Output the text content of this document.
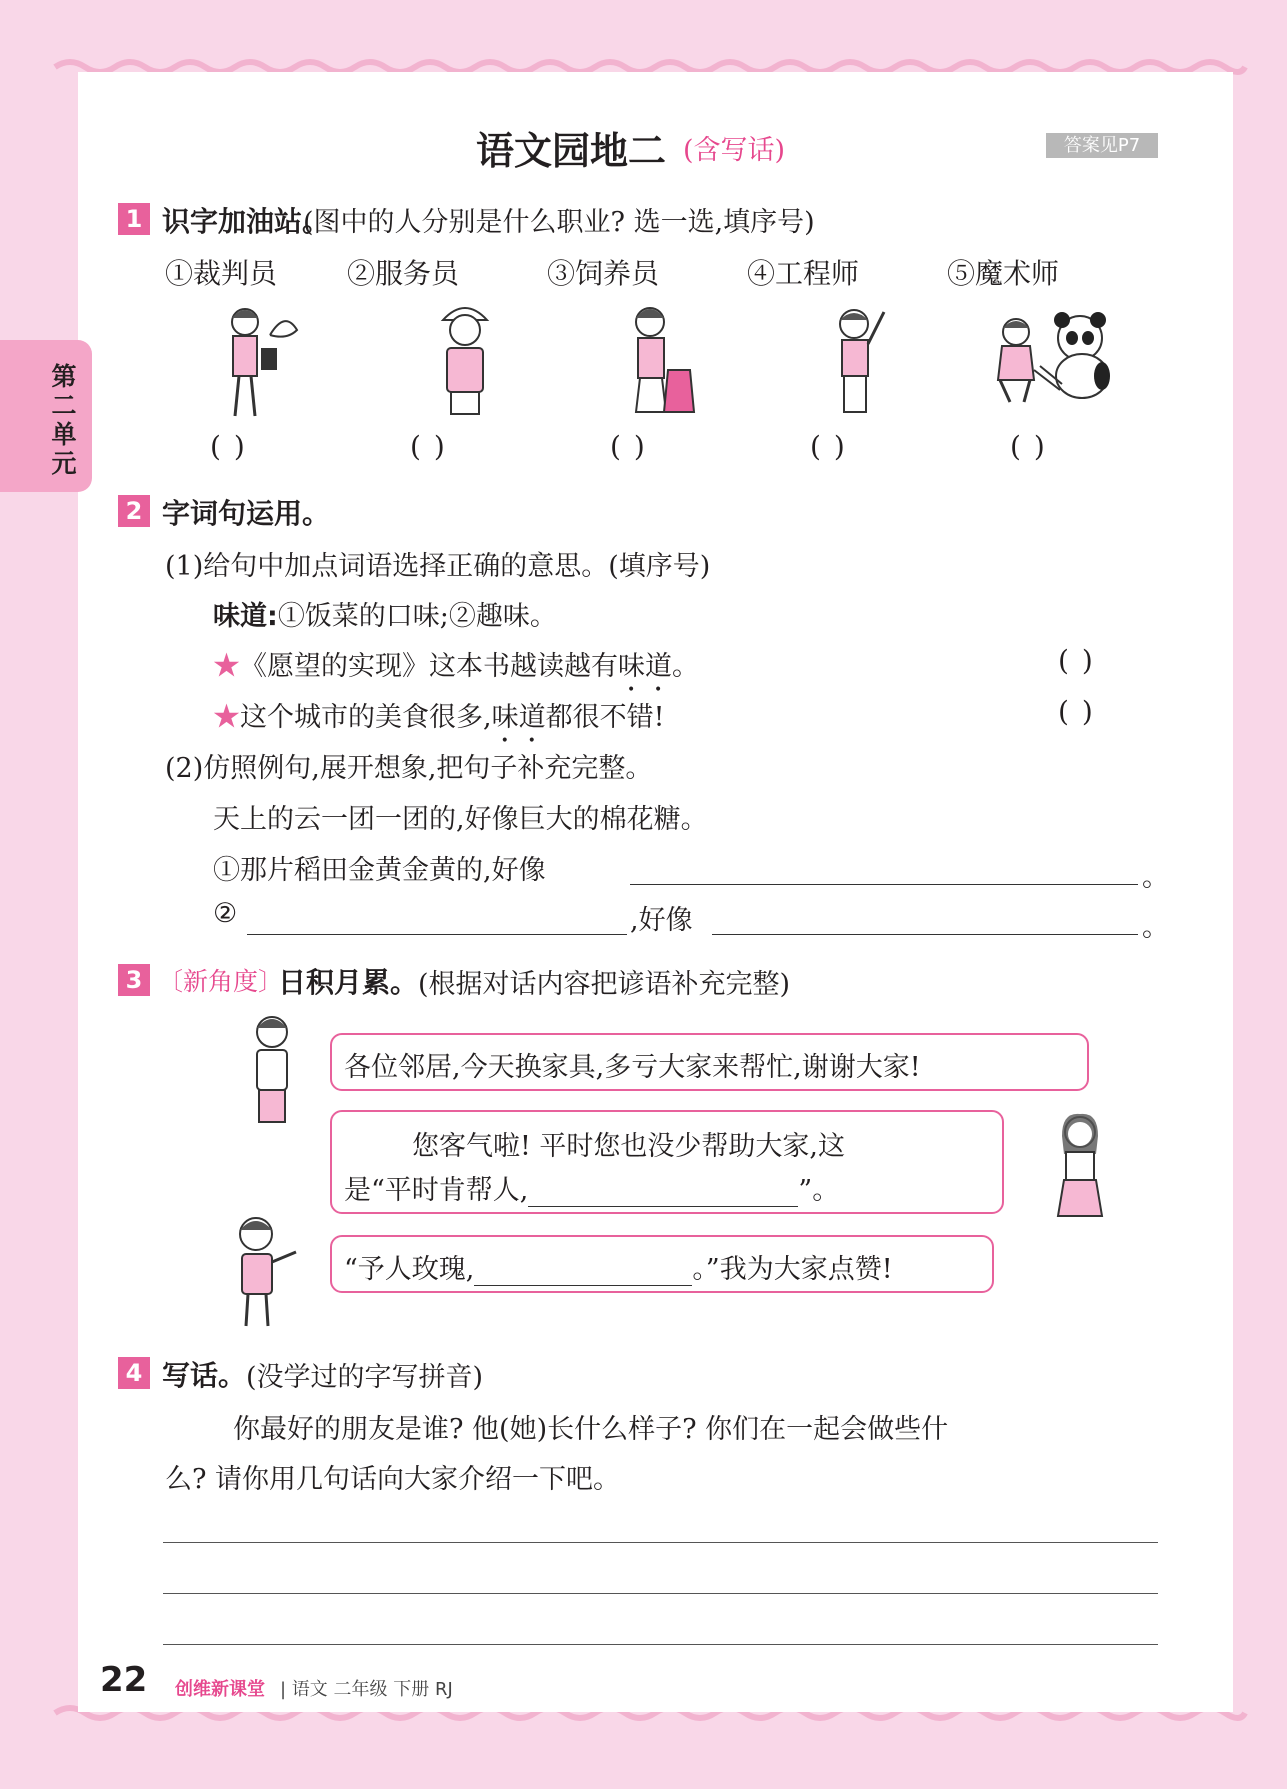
第二单元
语文园地二 (含写话)	答案见P7
1 识字加油站。
(图中的人分别是什么职业? 选一选,填序号)
①裁判员 ②服务员	③饲养员	④工程师	⑤魔术师
( )	( )	( )	( )	( )
2 字词句运用。
(1)给句中加点词语选择正确的意思。(填序号)
味道:①饭菜的口味;②趣味。
★《愿望的实现》这本书越读越有味道。	( )
★这个城市的美食很多,味道都很不错!	( )
(2)仿照例句,展开想象,把句子补充完整。
天上的云一团一团的,好像巨大的棉花糖。
①那片稻田金黄金黄的,好像	。
②	,好像	。
3 〔新角度〕
日积月累。 (根据对话内容把谚语补充完整)
各位邻居,今天换家具,多亏大家来帮忙,谢谢大家!
您客气啦! 平时您也没少帮助大家,这
是“平时肯帮人,	”。
“予人玫瑰,	。”我为大家点赞!
4 写话。 (没学过的字写拼音)
你最好的朋友是谁? 他(她)长什么样子? 你们在一起会做些什
么? 请你用几句话向大家介绍一下吧。
22 创维新课堂 | 语文 二年级 下册 RJ
